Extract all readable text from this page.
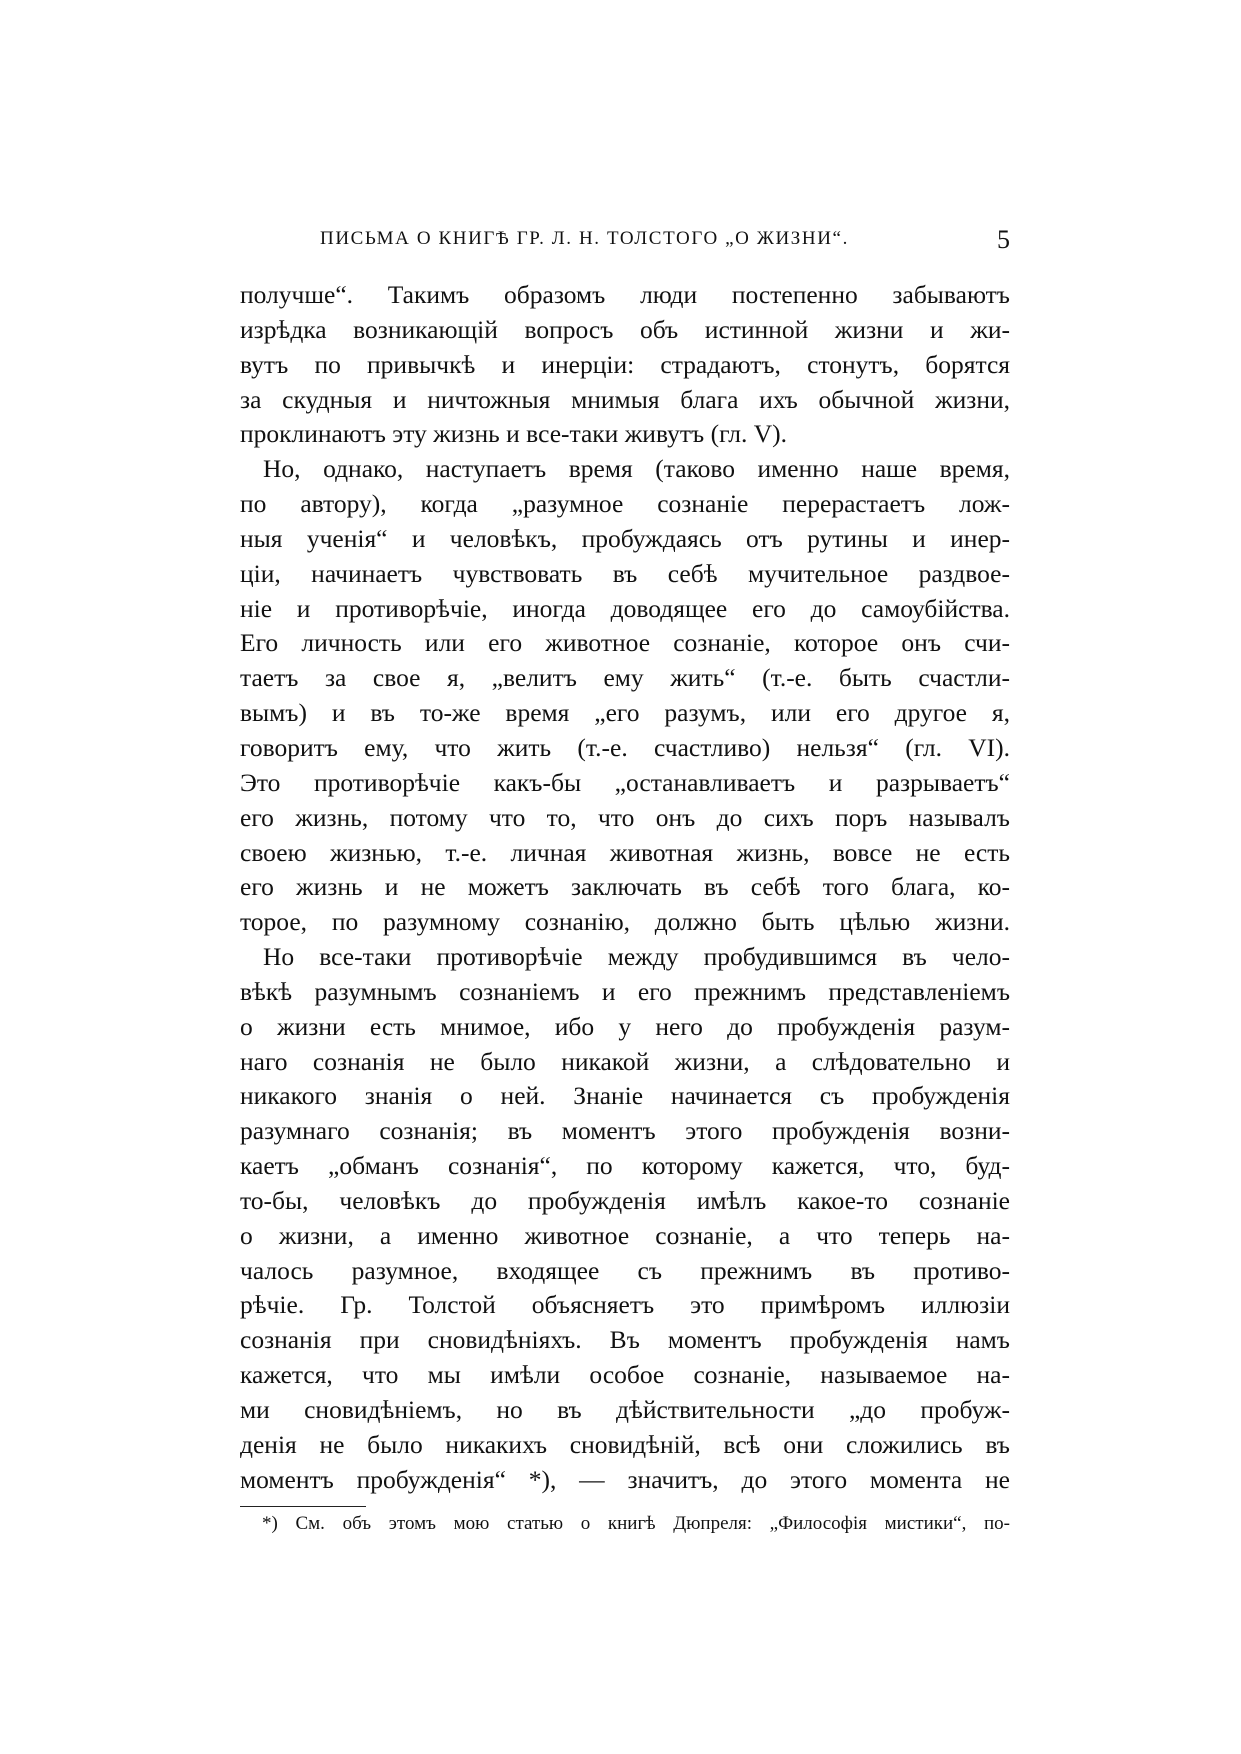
ПИСЬМА О КНИГѢ ГР. Л. Н. ТОЛСТОГО „О ЖИЗНИ“.	5
получше“. Такимъ образомъ люди постепенно забываютъ
изрѣдка возникающій вопросъ объ истинной жизни и жи-
вутъ по привычкѣ и инерціи: страдаютъ, стонутъ, борятся
за скудныя и ничтожныя мнимыя блага ихъ обычной жизни,
проклинаютъ эту жизнь и все-таки живутъ (гл. V).
Но, однако, наступаетъ время (таково именно наше время,
по автору), когда „разумное сознаніе перерастаетъ лож-
ныя ученія“ и человѣкъ, пробуждаясь отъ рутины и инер-
ціи, начинаетъ чувствовать въ себѣ мучительное раздвое-
ніе и противорѣчіе, иногда доводящее его до самоубійства.
Его личность или его животное сознаніе, которое онъ счи-
таетъ за свое я, „велитъ ему жить“ (т.-е. быть счастли-
вымъ) и въ то-же время „его разумъ, или его другое я,
говоритъ ему, что жить (т.-е. счастливо) нельзя“ (гл. VI).
Это противорѣчіе какъ-бы „останавливаетъ и разрываетъ“
его жизнь, потому что то, что онъ до сихъ поръ называлъ
своею жизнью, т.-е. личная животная жизнь, вовсе не есть
его жизнь и не можетъ заключать въ себѣ того блага, ко-
торое, по разумному сознанію, должно быть цѣлью жизни.
Но все-таки противорѣчіе между пробудившимся въ чело-
вѣкѣ разумнымъ сознаніемъ и его прежнимъ представленіемъ
о жизни есть мнимое, ибо у него до пробужденія разум-
наго сознанія не было никакой жизни, а слѣдовательно и
никакого знанія о ней. Знаніе начинается съ пробужденія
разумнаго сознанія; въ моментъ этого пробужденія возни-
каетъ „обманъ сознанія“, по которому кажется, что, буд-
то-бы, человѣкъ до пробужденія имѣлъ какое-то сознаніе
о жизни, а именно животное сознаніе, а что теперь на-
чалось разумное, входящее съ прежнимъ въ противо-
рѣчіе. Гр. Толстой объясняетъ это примѣромъ иллюзіи
сознанія при сновидѣніяхъ. Въ моментъ пробужденія намъ
кажется, что мы имѣли особое сознаніе, называемое на-
ми сновидѣніемъ, но въ дѣйствительности „до пробуж-
денія не было никакихъ сновидѣній, всѣ они сложились въ
моментъ пробужденія“ *), — значитъ, до этого момента не
*) См. объ этомъ мою статью о книгѣ Дюпреля: „Философія мистики“, по-
